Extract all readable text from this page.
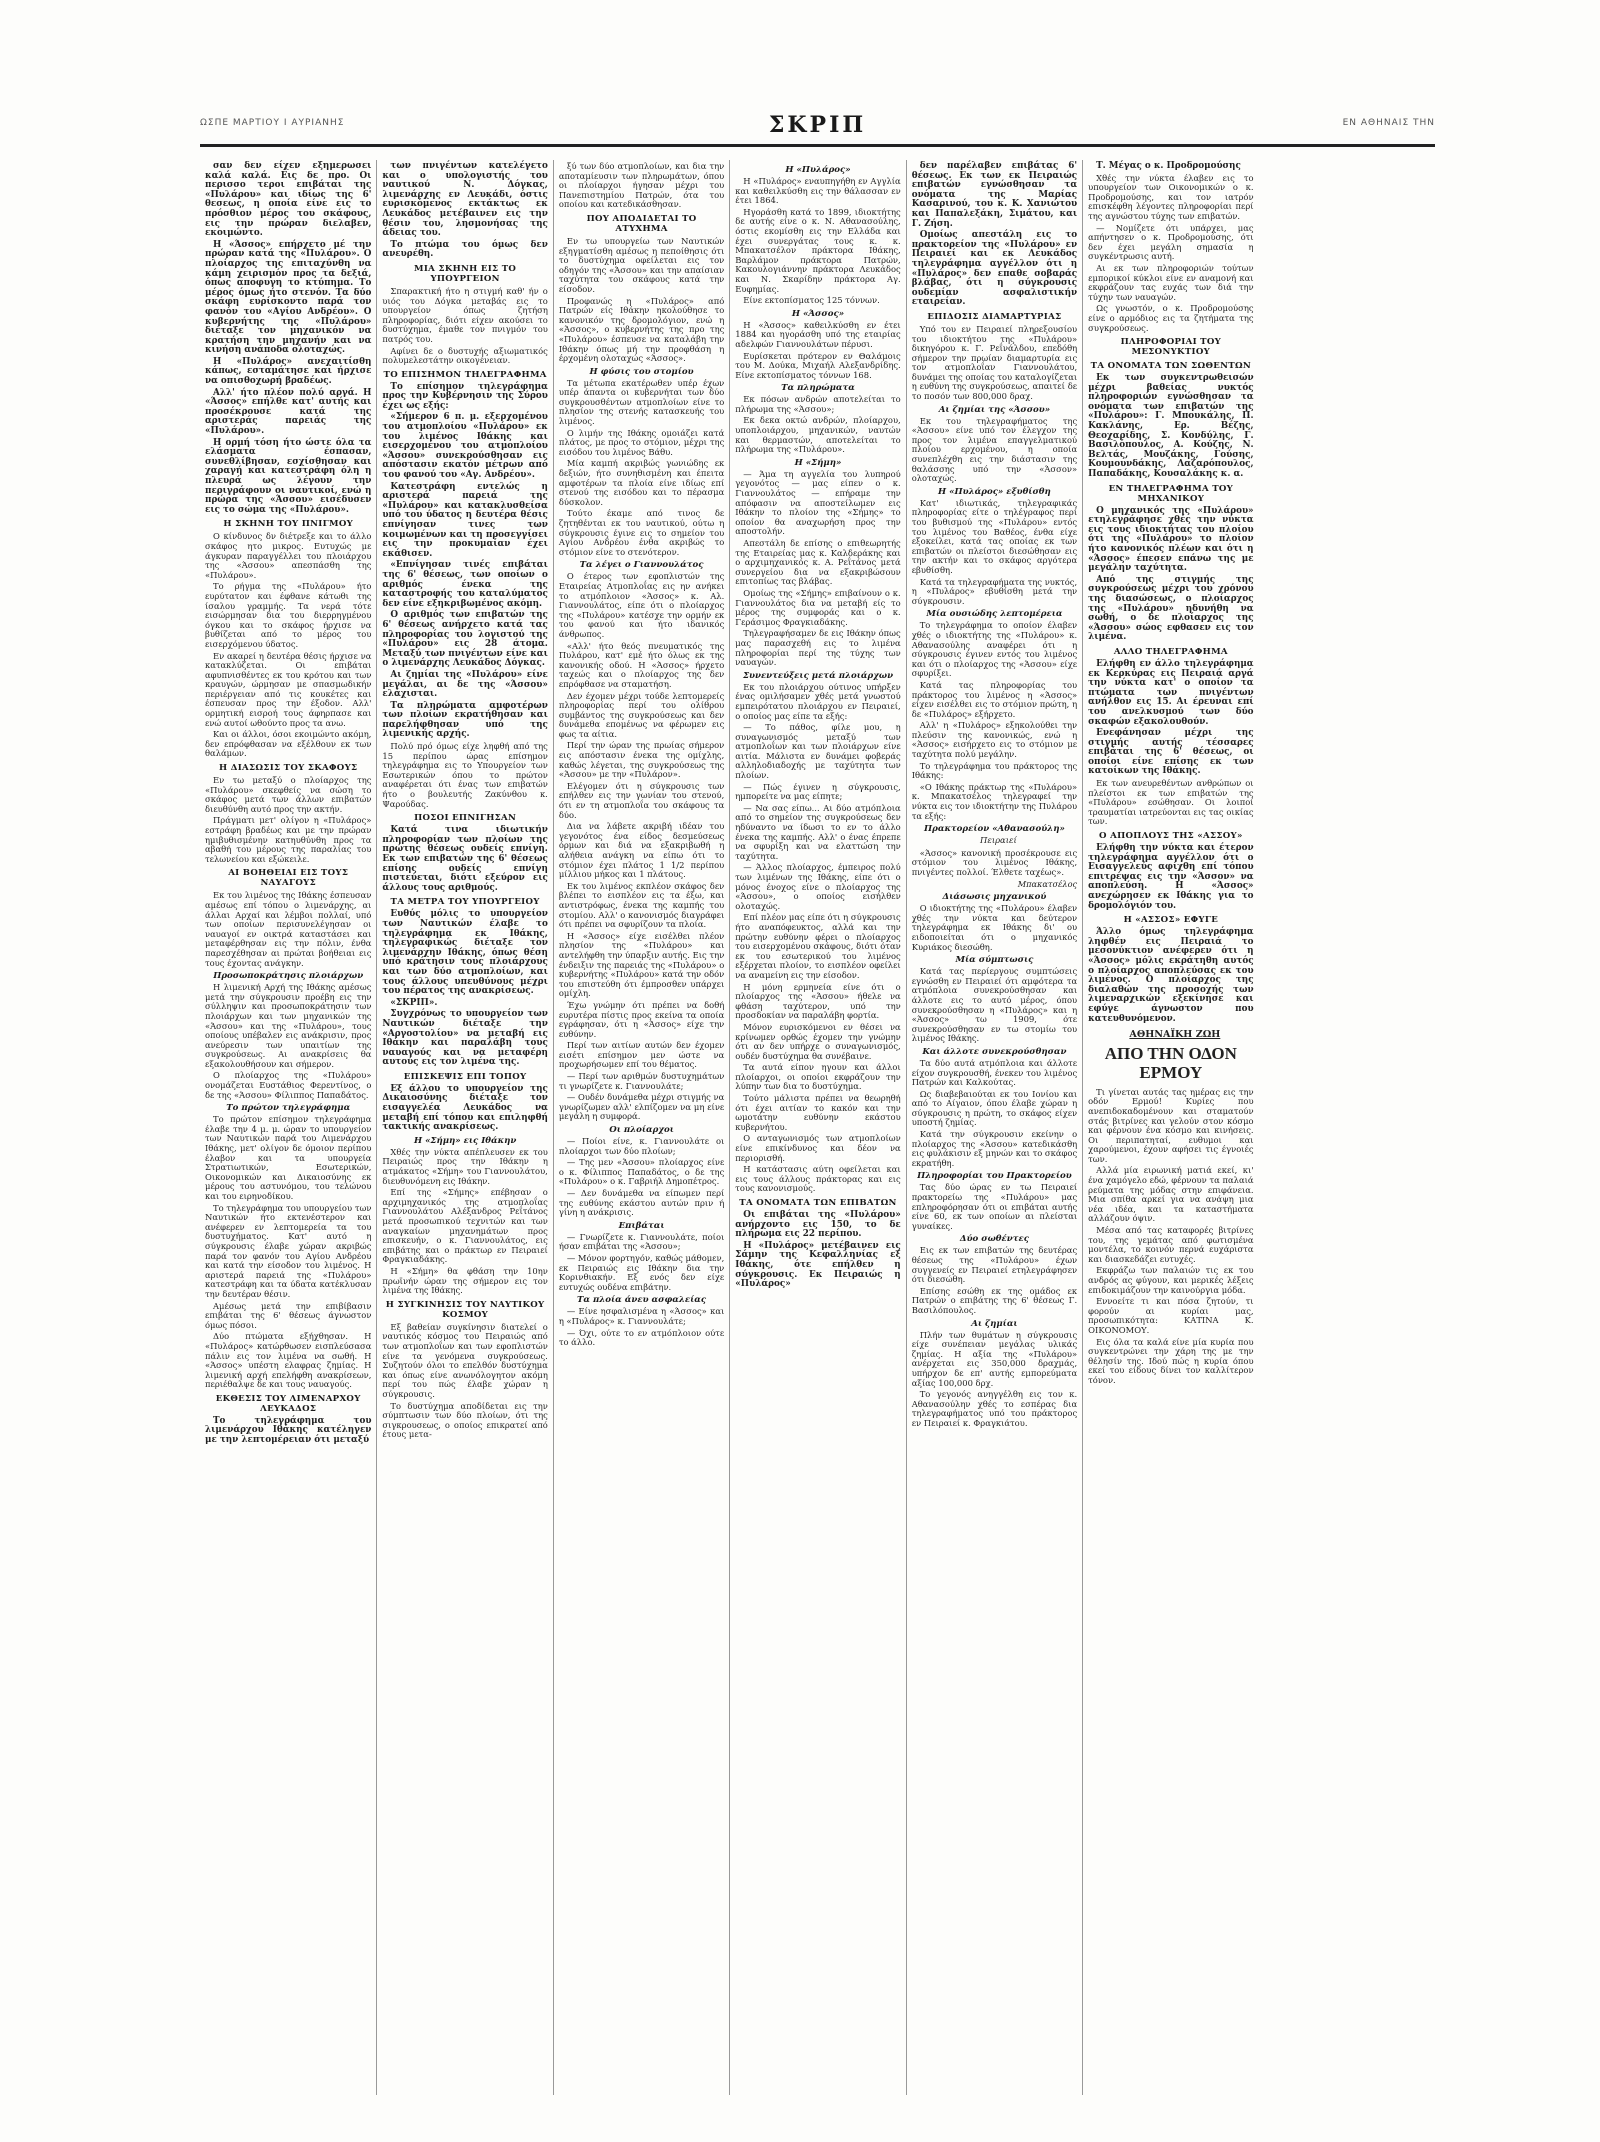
ΩΣΠΕ ΜΑΡΤΙΟΥ Ι ΑΥΡΙΑΝΗΣ	ΣΚΡΙΠ	ΕΝ ΑΘΗΝΑΙΣ ΤΗΝ

σαν δεν είχεν εξημερωσει καλά καλά. Εις δε προ. Οι περισσο τεροι επιβάται της «Πυλάρου» και ιδίως της 6' θεσεως, η οποία είνε εις το πρόσθιον μέρος του σκάφους, εις την πρώραν διελαβεν, εκοιμώντο.

Η «Άσσος» επήρχετο μέ την πρώραν κατά της «Πυλάρου». Ο πλοίαρχος της επιταχύνθη να κάμη χειρισμόν προς τα δεξιά, όπως αποφυγη το κτύπημα. Το μέρος όμως ήτο στενόν. Τα δύο σκάφη ευρίσκοντο παρά τον φανόν του «Αγίου Ανδρέου». Ο κυβερνήτης της «Πυλάρου» διέταξε τον μηχανικόν να κρατήση την μηχανήν και να κινήση ανάποδα ολοταχώς.

Η «Πυλάρος» ανεχαιτίσθη κάπως, εσταμάτησε και ήρχισε να οπισθοχωρή βραδέως.

Αλλ' ήτο πλέον πολύ αργά. Η «Άσσος» επήλθε κατ' αυτής και προσέκρουσε κατά της αριστεράς παρειάς της «Πυλάρου».

Η ορμή τόση ήτο ώστε όλα τα ελάσματα έσπασαν, συνεθλίβησαν, εσχίσθησαν και χαραγή και κατεστράφη όλη η πλευρά ως λέγουν την περιγράφουν οι ναυτικοί, ενώ η πρώρα της «Άσσου» εισέδυσεν εις το σώμα της «Πυλάρου».

Η ΣΚΗΝΗ ΤΟΥ ΠΝΙΓΜΟΥ

Ο κίνδυνος δν διέτρεξε και το άλλο σκάφος ητο μικρος. Ευτυχώς με άγκυραν παραγγέλλει του πλοιάρχου της «Άσσου» απεσπάσθη της «Πυλάρου».

Το ρήγμα της «Πυλάρου» ήτο ευρύτατον και έφθανε κάτωθι της ίσαλου γραμμής. Τα νερά τότε εισώρμησαν δια του διερρηγμένου όγκου και το σκάφος ήρχισε να βυθίζεται από το μέρος του εισερχόμενου ύδατος.

Εν ακαρεί η δευτέρα θέσις ήρχισε να κατακλύζεται. Οι επιβάται αφυπνισθέντες εκ του κρότου και των κραυγών, ώρμησαν με σπασμωδικήν περιέργειαν από τις κουκέτες και έσπευσαν προς την έξοδον. Αλλ' ορμητική εισροή τους άφηρπασε και ενώ αυτοί ωθούντο προς τα ανω.

Και οι άλλοι, όσοι εκοιμώντο ακόμη, δεν επρόφθασαν να εξέλθουν εκ των θαλάμων.

Η ΔΙΑΣΩΣΙΣ ΤΟΥ ΣΚΑΦΟΥΣ

Εν τω μεταξύ ο πλοίαρχος της «Πυλάρου» σκεφθείς να σώση το σκάφος μετά των άλλων επιβατών διευθύνθη αυτό προς την ακτήν.

Πράγματι μετ' ολίγον η «Πυλάρος» εστράφη βραδέως και με την πρώραν ημιβυθισμένην κατηυθύνθη προς τα αβαθή του μέρους της παραλίας του τελωνείου και εξώκειλε.

ΑΙ ΒΟΗΘΕΙΑΙ ΕΙΣ ΤΟΥΣ ΝΑΥΑΓΟΥΣ

Εκ του λιμένος της Ιθάκης έσπευσαν αμέσως επί τόπου ο λιμενάρχης, αι άλλαι Αρχαί και λέμβοι πολλαί, υπό των οποίων περισυνελέγησαν οι ναυαγοί εν οικτρά καταστάσει και μεταφέρθησαν εις την πόλιν, ένθα παρεσχέθησαν αι πρώται βοήθειαι εις τους έχοντας ανάγκην.

Προσωποκράτησις πλοιάρχων

Η λιμενική Αρχή της Ιθάκης αμέσως μετά την σύγκρουσιν προέβη εις την σύλληψιν και προσωποκράτησιν των πλοιάρχων και των μηχανικών της «Άσσου» και της «Πυλάρου», τους οποίους υπέβαλεν εις ανάκρισιν, προς ανεύρεσιν των υπαιτίων της συγκρούσεως. Αι ανακρίσεις θα εξακολουθήσουν και σήμερον.

Ο πλοίαρχος της «Πυλάρου» ονομάζεται Ευστάθιος Φερεντίνος, ο δε της «Άσσου» Φίλιππος Παπαδάτος.

Το πρώτον τηλεγράφημα

Το πρώτον επίσημον τηλεγράφημα έλαβε την 4 μ. μ. ώραν το υπουργείον των Ναυτικών παρά του Λιμενάρχου Ιθάκης, μετ' ολίγον δε όμοιον περίπου έλαβον και τα υπουργεία Στρατιωτικών, Εσωτερικών, Οικονομικών και Δικαιοσύνης εκ μέρους του αστυνόμου, του τελώνου και του ειρηνοδίκου.

Το τηλεγράφημα του υπουργείου των Ναυτικών ήτο εκτενέστερον και ανέφερεν εν λεπτομερεία τα του δυστυχήματος. Κατ' αυτό η σύγκρουσις έλαβε χώραν ακριβώς παρά τον φανόν του Αγίου Ανδρέου και κατά την είσοδον του λιμένος. Η αριστερά παρειά της «Πυλάρου» κατεστράφη και τα ύδατα κατέκλυσαν την δευτέραν θέσιν.

Αμέσως μετά την επιβίβασιν επιβάται της 6' θέσεως άγνωστον όμως πόσοι.

Δύο πτώματα εξήχθησαν. Η «Πυλάρος» κατώρθωσεν εισπλεύσασα πάλιν εις τον λιμένα να σωθή. Η «Άσσος» υπέστη ελαφρας ζημίας. Η λιμενική αρχή επελήφθη ανακρίσεων, περιέθαλψε δε και τους ναυαγούς.

ΕΚΘΕΣΙΣ ΤΟΥ ΛΙΜΕΝΑΡΧΟΥ ΛΕΥΚΑΔΟΣ

Το τηλεγράφημα του λιμενάρχου Ιθάκης κατέληγεν με την λεπτομέρειαν ότι μεταξύ

των πνιγέντων κατελέγετο και ο υπολογιστής του ναυτικού Ν. Δόγκας, λιμενάρχης εν Λευκάδι, όστις ευρισκόμενος εκτάκτως εκ Λευκάδος μετέβαινεν εις την θέσιν του, λησμονήσας της άδειας του.

Το πτώμα του όμως δεν ανευρέθη.

ΜΙΑ ΣΚΗΝΗ ΕΙΣ ΤΟ ΥΠΟΥΡΓΕΙΟΝ

Σπαρακτική ήτο η στιγμή καθ' ήν ο υιός του Δόγκα μεταβάς εις το υπουργείον όπως ζητήση πληροφορίας, διότι είχεν ακούσει το δυστύχημα, έμαθε τον πνιγμόν του πατρός του.

Αφίνει δε ο δυστυχής αξιωματικός πολυμελεστάτην οικογένειαν.

ΤΟ ΕΠΙΣΗΜΟΝ ΤΗΛΕΓΡΑΦΗΜΑ

Το επίσημον τηλεγράφημα προς την Κυβέρνησιν της Σύρου έχει ως εξής:

«Σήμερον 6 π. μ. εξερχομένου του ατμοπλοίου «Πυλάρου» εκ του λιμένος Ιθάκης και εισερχομένου του ατμοπλοίου «Άσσου» συνεκρούσθησαν εις απόστασιν εκατόν μέτρων από του φανού του «Αγ. Ανδρέου».

Κατεστράφη εντελώς η αριστερά παρειά της «Πυλάρου» και κατακλυσθείσα υπό του ύδατος η δευτέρα θέσις επνίγησαν τινες των κοιμωμένων και τη προσεγγίσει εις την προκυμαίαν έχει εκάθισεν.

«Επνίγησαν τινές επιβάται της 6' θέσεως, των οποίων ο αριθμός ένεκα της καταστροφής του καταλύματος δεν είνε εξηκριβωμένος ακόμη.

Ο αριθμός των επιβατών της 6' θέσεως ανήρχετο κατά τας πληροφορίας του λογιστού της «Πυλάρου» εις 28 άτομα. Μεταξύ των πνιγέντων είνε και ο λιμενάρχης Λευκάδος Δόγκας.

Αι ζημίαι της «Πυλάρου» είνε μεγάλαι, αι δε της «Άσσου» ελάχισται.

Τα πληρώματα αμφοτέρων των πλοίων εκρατήθησαν και παρελήφθησαν υπό της λιμενικής αρχής.

Πολύ πρό όμως είχε ληφθή από της 15 περίπου ώρας επίσημον τηλεγράφημα εις το Υπουργείον των Εσωτερικών όπου το πρώτον αναφέρεται ότι ένας των επιβατών ήτο ο βουλευτής Ζακύνθου κ. Ψαρούδας.

ΠΟΣΟΙ ΕΠΝΙΓΗΣΑΝ

Κατά τινα ιδιωτικήν πληροφορίαν των πλοίων της πρώτης θέσεως ουδείς επνίγη. Εκ των επιβατών της 6' θέσεως επίσης ουδείς επνίγη πιστεύεται, διότι εξεύρον εις άλλους τους αριθμούς.

ΤΑ ΜΕΤΡΑ ΤΟΥ ΥΠΟΥΡΓΕΙΟΥ

Ευθύς μόλις το υπουργείον των Ναυτικών έλαβε το τηλεγράφημα εκ Ιθάκης, τηλεγραφικώς διέταξε τον λιμενάρχην Ιθάκης, όπως θέση υπό κράτησιν τους πλοιάρχους και των δύο ατμοπλοίων, και τους άλλους υπευθύνους μέχρι του πέρατος της ανακρίσεως.

«ΣΚΡΙΠ».

Συγχρόνως το υπουργείον των Ναυτικών διέταξε την «Αργοστολίου» να μεταβή εις Ιθάκην και παραλάβη τους ναυαγούς και να μεταφέρη αυτούς εις τον λιμένα της.

ΕΠΙΣΚΕΨΙΣ ΕΠΙ ΤΟΠΟΥ

Εξ άλλου το υπουργείον της Δικαιοσύνης διέταξε τον εισαγγελέα Λευκάδος να μεταβή επί τόπου και επιληφθή τακτικής ανακρίσεως.

Η «Σήμη» εις Ιθάκην

Χθές την νύκτα απέπλευσεν εκ του Πειραιώς προς την Ιθάκην η ατμάκατος «Σήμη» του Γιαννουλάτου, διευθυνόμενη εις Ιθάκην.

Επί της «Σήμης» επέβησαν ο αρχιμηχανικός της ατμοπλοΐας Γιαννουλάτου Αλέξανδρος Ρεΐτάνος μετά προσωπικού τεχνιτών και των αναγκαίων μηχανημάτων προς επισκευήν, ο κ. Γιαννουλάτος, εις επιβάτης και ο πράκτωρ εν Πειραιεί Φραγκιαδάκης.

Η «Σήμη» θα φθάση την 10ην πρωϊνήν ώραν της σήμερον εις τον λιμένα της Ιθάκης.

Η ΣΥΓΚΙΝΗΣΙΣ ΤΟΥ ΝΑΥΤΙΚΟΥ ΚΟΣΜΟΥ

Εξ βαθείαν συγκίνησιν διατελεί ο ναυτικός κόσμος του Πειραιώς από των ατμοπλοΐων και των εφοπλιστών είνε τα γενόμενα συγκρούσεως. Συζητούν όλοι το επελθόν δυστύχημα και όπως είνε ανωνόλογητον ακόμη περί του πώς έλαβε χώραν η σύγκρουσις.

Το δυστύχημα αποδίδεται εις την σύμπτωσιν των δύο πλοίων, ότι της σιγκρουσεως, ο οποίος επικρατεί από έτους μετα-

ξύ των δύο ατμοπλοίων, και δια την αποταμίευσιν των πληρωμάτων, όπου οι πλοίαρχοι ήγησαν μέχρι του Πανεπιστημίου Πατρών, ότα του οποίου και κατεδικάσθησαν.

ΠΟΥ ΑΠΟΔΙΔΕΤΑΙ ΤΟ ΑΤΥΧΗΜΑ

Εν τω υπουργείω των Ναυτικών εξηγματίσθη αμέσως η πεποίθησις ότι το δυστύχημα οφείλεται εις τον οδηγόν της «Άσσου» και την απαίσιαν ταχύτητα του σκάφους κατά την είσοδον.

Προφανώς η «Πυλάρος» από Πατρών είς Ιθάκην ηκολούθησε το κανονικόν της δρομολόγιον, ενώ η «Άσσος», ο κυβερνήτης της προ της «Πυλάρου» έσπευσε να καταλάβη την Ιθάκην όπως μή την προφθάση η έρχομένη ολοταχώς «Άσσος».

Η φύσις του στομίου

Τα μέτωπα εκατέρωθεν υπέρ έχων υπέρ άπαντα οι κυβερνήται των δύο συγκρουσθέντων ατμοπλοίων είνε το πλησίον της στενής κατασκευής του λιμένος.

Ο λιμήν της Ιθάκης ομοιάζει κατά πλάτος, με προς το στόμιον, μέχρι της εισόδου του λιμένος Βάθυ.

Μία καμπή ακριβώς γωνιώδης εκ δεξιών, ήτο συνηθισμένη και έπειτα αμφοτέρων τα πλοία είνε ιδίως επί στενού της εισόδου και το πέρασμα δύσκολον.

Τούτο έκαμε από τινος δε ζητηθένται εκ του ναυτικού, ούτω η σύγκρουσις έγινε εις το σημείον του Αγίου Ανδρέου ένθα ακριβώς το στόμιον είνε το στενότερον.

Τα λέγει ο Γιαννουλάτος

Ο έτερος των εφοπλιστών της Εταιρείας Ατμοπλοΐας εις ην ανήκει το ατμόπλοιον «Άσσος» κ. Αλ. Γιαννουλάτος, είπε ότι ο πλοίαρχος της «Πυλάρου» κατέσχε την ορμήν εκ του φανού και ήτο ιδανικός άνθρωπος.

«Αλλ' ήτο θεός πνευματικός της Πυλάρου, κατ' εμέ ήτο όλως εκ της κανονικής οδού. Η «Άσσος» ήρχετο ταχεώς και ο πλοίαρχος της δεν επρόφθασε να σταματήση.

Δεν έχομεν μέχρι τούδε λεπτομερείς πληροφορίας περί του ολίθρου συμβάντος της συγκρούσεως και δεν δυνάμεθα επομένως να φέρωμεν εις φως τα αίτια.

Περί την ώραν της πρωίας σήμερον εις απόστασιν ένεκα της ομίχλης, καθώς λέγεται, της συγκρούσεως της «Άσσου» με την «Πυλάρον».

Ελέγομεν ότι η σύγκρουσις των επήλθεν εις την γωνίαν του στενού, ότι εν τη ατμοπλοΐα του σκάφους τα δύο.

Δια να λάβετε ακριβή ιδέαν του γεγονότος ένα είδος δεσμεύσεως όρμων και διά να εξακριβωθή η αλήθεια ανάγκη να είπω ότι το στόμιον έχει πλάτος 1 1/2 περίπου μίλλιου μήκος και 1 πλάτους.

Εκ του λιμένος εκπλέον σκάφος δεν βλέπει το εισπλέον εις τα έξω, και αντιστρόφως, ένεκα της καμπής του στομίου. Αλλ' ο κανονισμός διαγράφει ότι πρέπει να σφυρίζουν τα πλοία.

Η «Άσσος» είχε εισέλθει πλέον πλησίον της «Πυλάρου» και αντελήφθη την ύπαρξιν αυτής. Εις την ένδειξιν της παρειάς της «Πυλάρου» ο κυβερνήτης «Πυλάρου» κατά την οδόν του επιστεύθη ότι έμπροσθεν υπάρχει ομίχλη.

Έχω γνώμην ότι πρέπει να δοθή ευρυτέρα πίστις προς εκείνα τα οποία εγράφησαν, ότι η «Άσσος» είχε την ευθύνην.

Περί των αιτίων αυτών δεν έχομεν εισέτι επίσημον μεν ώστε να προχωρήσωμεν επί του θέματος.

— Περί των αριθμών δυστυχημάτων τι γνωρίζετε κ. Γιαννουλάτε;

— Ουδέν δυνάμεθα μέχρι στιγμής να γνωρίζωμεν αλλ' ελπίζομεν να μη είνε μεγάλη η συμφορά.

Οι πλοίαρχοι

— Ποίοι είνε, κ. Γιαννουλάτε οι πλοίαρχοι των δύο πλοίων;

— Της μεν «Άσσου» πλοίαρχος είνε ο κ. Φίλιππος Παπαδάτος, ο δε της «Πυλάρου» ο κ. Γαβριήλ Δημοπέτρος.

— Δεν δυνάμεθα να είπωμεν περί της ευθύνης εκάστου αυτών πριν ή γίνη η ανάκρισις.

Επιβάται

— Γνωρίζετε κ. Γιαννουλάτε, ποίοι ήσαν επιβάται της «Άσσου»;

— Μόνον φορτηγόν, καθώς μάθομεν, εκ Πειραιώς εις Ιθάκην δια την Κορινθιακήν. Εξ ενός δεν είχε ευτυχώς ουδένα επιβάτην.

Τα πλοία άνευ ασφαλείας

— Είνε ησφαλισμένα η «Άσσος» και η «Πυλάρος» κ. Γιαννουλάτε;

— Όχι, ούτε το εν ατμόπλοιον ούτε το άλλο.

Η «Πυλάρος»

Η «Πυλάρος» εναυπηγήθη εν Αγγλία και καθειλκύσθη εις την θάλασσαν εν έτει 1864.

Ηγοράσθη κατά το 1899, ιδιοκτήτης δε αυτής είνε ο κ. Ν. Αθανασούλης, όστις εκομίσθη εις την Ελλάδα και έχει συνεργάτας τους κ. κ. Μπακατσέλον πράκτορα Ιθάκης, Βαρλάμον πράκτορα Πατρών, Κακουλογιάννην πράκτορα Λευκάδος και Ν. Σκαρίδην πράκτορα Αγ. Ευφημίας.

Είνε εκτοπίσματος 125 τόννων.

Η «Άσσος»

Η «Άσσος» καθειλκύσθη εν έτει 1884 και ηγοράσθη υπό της εταιρίας αδελφών Γιαννουλάτων πέρυσι.

Ευρίσκεται πρότερον εν Θαλάμοις του Μ. Δούκα, Μιχαήλ Αλεξανδρίδης. Είνε εκτοπίσματος τόννων 168.

Τα πληρώματα

Εκ πόσων ανδρών αποτελείται το πλήρωμα της «Άσσου»;

Εκ δεκα οκτώ ανδρών, πλοίαρχου, υποπλοιάρχου, μηχανικών, ναυτών και θερμαστών, αποτελείται το πλήρωμα της «Πυλάρου».

Η «Σήμη»

— Άμα τη αγγελία του λυπηρού γεγονότος — μας είπεν ο κ. Γιαννουλάτος — επήραμε την απόφασιν να αποστείλωμεν εις Ιθάκην το πλοίον της «Σήμης» το οποίον θα αναχωρήση προς την αποστολήν.

Απεστάλη δε επίσης ο επιθεωρητής της Εταιρείας μας κ. Καλδεράκης και ο αρχιμηχανικός κ. Α. Ρεΐτάνος μετά συνεργείου δια να εξακριβώσουν επιτοπίως τας βλάβας.

Ομοίως της «Σήμης» επιβαίνουν ο κ. Γιαννουλάτος δια να μεταβή είς το μέρος της συμφοράς και ο κ. Γεράσιμος Φραγκιαδάκης.

Τηλεγραφήσαμεν δε εις Ιθάκην όπως μας παρασχεθή εις το λιμένα πληροφορίαι περί της τύχης των ναυαγών.

Συνεντεύξεις μετά πλοιάρχων

Εκ του πλοιάρχου ούτινος υπήρξεν ένας ομιλήσαμεν χθές μετά γνωστού εμπειρότατου πλοιάρχου εν Πειραιεί, ο οποίος μας είπε τα εξής:

— Το πάθος, φίλε μου, η συναγωνισμός μεταξύ των ατμοπλοΐων και των πλοιάρχων είνε αιτία. Μάλιστα εν δυνάμει φοβεράς αλληλοδιαδοχής με ταχύτητα των πλοίων.

— Πώς έγινεν η σύγκρουσις, ημπορείτε να μας είπητε;

— Να σας είπω... Αι δύο ατμόπλοια από το σημείον της συγκρούσεως δεν ηδύναντο να ίδωσι το εν το άλλο ένεκα της καμπής. Αλλ' ο ένας έπρεπε να σφυρίξη και να ελαττώση την ταχύτητα.

— Άλλος πλοίαρχος, έμπειρος πολύ των λιμένων της Ιθάκης, είπε ότι ο μόνος ένοχος είνε ο πλοίαρχος της «Άσσου», ο οποίος εισήλθεν ολοταχώς.

Επί πλέον μας είπε ότι η σύγκρουσις ήτο αναπόφευκτος, αλλά και την πρώτην ευθύνην φέρει ο πλοίαρχος του εισερχομένου σκάφους, διότι όταν εκ του εσωτερικού του λιμένος εξέρχεται πλοίον, το εισπλέον οφείλει να αναμείνη εις την είσοδον.

Η μόνη ερμηνεία είνε ότι ο πλοίαρχος της «Άσσου» ήθελε να φθάση ταχύτερον, υπό την προσδοκίαν να παραλάβη φορτία.

Μόνον ευρισκόμενοι εν θέσει να κρίνωμεν ορθώς έχομεν την γνώμην ότι αν δεν υπήρχε ο συναγωνισμός, ουδέν δυστύχημα θα συνέβαινε.

Τα αυτά είπον ηγουν και άλλοι πλοίαρχοι, οι οποίοι εκφράζουν την λύπην των δια το δυστύχημα.

Τούτο μάλιστα πρέπει να θεωρηθή ότι έχει αιτίαν το κακόν και την ωμοτάτην ευθύνην εκάστου κυβερνήτου.

Ο ανταγωνισμός των ατμοπλοίων είνε επικίνδυνος και δέον να περιορισθή.

Η κατάστασις αύτη οφείλεται και εις τους άλλους πράκτορας και εις τους κανονισμούς.

ΤΑ ΟΝΟΜΑΤΑ ΤΩΝ ΕΠΙΒΑΤΩΝ

Οι επιβάται της «Πυλάρου» ανήρχοντο εις 150, το δε πλήρωμα εις 22 περίπου.

Η «Πυλάρος» μετέβαινεν εις Σάμην της Κεφαλληνίας εξ Ιθάκης, ότε επήλθεν η σύγκρουσις. Εκ Πειραιώς η «Πυλάρος»

δεν παρέλαβεν επιβάτας 6' θέσεως. Εκ των εκ Πειραιώς επιβατών εγνώσθησαν τα ονόματα της Μαρίας Κασαρινού, του κ. Κ. Χανιώτου και Παπαλεξάκη, Σιμάτου, και Γ. Ζήση.

Ομοίως απεστάλη εις το πρακτορείον της «Πυλάρου» εν Πειραιεί και εκ Λευκάδος τηλεγράφημα αγγέλλον ότι η «Πυλάρος» δεν επαθε σοβαράς βλάβας, ότι η σύγκρουσις ουδεμίαν ασφαλιστικήν εταιρείαν.

ΕΠΙΔΟΣΙΣ ΔΙΑΜΑΡΤΥΡΙΑΣ

Υπό του εν Πειραιεί πληρεξουσίου του ιδιοκτήτου της «Πυλάρου» δικηγόρου κ. Γ. Ρεΐνάλδου, επεδόθη σήμερον την πρωίαν διαμαρτυρία εις τον ατμοπλοΐαν Γιαννουλάτου, δυνάμει της οποίας του καταλογίζεται η ευθύνη της συγκρούσεως, απαιτεί δε το ποσόν των 800,000 δραχ.

Αι ζημίαι της «Άσσου»

Εκ του τηλεγραφήματος της «Άσσου» είνε υπό τον έλεγχον της προς τον λιμένα επαγγελματικού πλοίου ερχομένου, η οποία συνεπλέχθη εις την διάστασιν της θαλάσσης υπό την «Άσσον» ολοταχώς.

Η «Πυλάρος» εξυθίσθη

Κατ' ιδιωτικάς, τηλεγραφικάς πληροφορίας είτε ο τηλέγραφος περί του βυθισμού της «Πυλάρου» εντός του λιμένος του Βαθέος, ένθα είχε εξοκείλει, κατά τας οποίας εκ των επιβατών οι πλείστοι διεσώθησαν εις την ακτήν και το σκάφος αργότερα εβυθίσθη.

Κατά τα τηλεγραφήματα της νυκτός, η «Πυλάρος» εβυθίσθη μετά την σύγκρουσιν.

Μία ουσιώδης λεπτομέρεια

Το τηλεγράφημα το οποίον έλαβεν χθές ο ιδιοκτήτης της «Πυλάρου» κ. Αθανασούλης αναφέρει ότι η σύγκρουσις έγινεν εντός του λιμένος και ότι ο πλοίαρχος της «Άσσου» είχε σφυρίξει.

Κατά τας πληροφορίας του πράκτορος του λιμένος η «Άσσος» είχεν εισέλθει εις το στόμιον πρώτη, η δε «Πυλάρος» εξήρχετο.

Αλλ' η «Πυλάρος» εξηκολούθει την πλεύσιν της κανονικώς, ενώ η «Άσσος» εισήρχετο εις το στόμιον με ταχύτητα πολύ μεγάλην.

Το τηλεγράφημα του πράκτορος της Ιθάκης:

«Ο Ιθάκης πράκτωρ της «Πυλάρου» κ. Μπακατσέλος τηλεγραφεί την νύκτα εις τον ιδιοκτήτην της Πυλάρου τα εξής:

Πρακτορείον «Αθανασούλη»

Πειραιεί

«Άσσος» κανονική προσέκρουσε εις στόμιον του λιμένος Ιθάκης, πνιγέντες πολλοί. Έλθετε ταχέως».

Μπακατσέλος

Διάσωσις μηχανικού

Ο ιδιοκτήτης της «Πυλάρου» έλαβεν χθές την νύκτα και δεύτερον τηλεγράφημα εκ Ιθάκης δι' ου ειδοποιείται ότι ο μηχανικός Κυριάκος διεσώθη.

Μία σύμπτωσις

Κατά τας περίεργους συμπτώσεις εγνώσθη εν Πειραιεί ότι αμφότερα τα ατμόπλοια συνεκρούσθησαν και άλλοτε εις το αυτό μέρος, όπου συνεκρούσθησαν η «Πυλάρος» και η «Άσσος» τω 1909, ότε συνεκρούσθησαν εν τω στομίω του λιμένος Ιθάκης.

Και άλλοτε συνεκρούσθησαν

Τα δύο αυτά ατμόπλοια και άλλοτε είχον συγκρουσθή, ένεκεν του λιμένος Πατρών και Καλκούτας.

Ως διαβεβαιούται εκ του Ιονίου και από το Αίγαιον, όπου έλαβε χώραν η σύγκρουσις η πρώτη, το σκάφος είχεν υποστή ζημίας.

Κατά την σύγκρουσιν εκείνην ο πλοίαρχος της «Άσσου» κατεδικάσθη εις φυλάκισιν εξ μηνών και το σκάφος εκρατήθη.

Πληροφορίαι του Πρακτορείου

Τας δύο ώρας εν τω Πειραιεί πρακτορείω της «Πυλάρου» μας επληροφόρησαν ότι οι επιβάται αυτής είνε 60, εκ των οποίων αι πλείσται γυναίκες.

Δύο σωθέντες

Εις εκ των επιβατών της δευτέρας θέσεως της «Πυλάρου» έχων συγγενείς εν Πειραιεί ετηλεγράφησεν ότι διεσώθη.

Επίσης εσώθη εκ της ομάδος εκ Πατρών ο επιβάτης της 6' θέσεως Γ. Βασιλόπουλος.

Αι ζημίαι

Πλήν των θυμάτων η σύγκρουσις είχε συνέπειαν μεγάλας υλικάς ζημίας. Η αξία της «Πυλάρου» ανέρχεται εις 350,000 δραχμάς, υπήρχον δε επ' αυτής εμπορεύματα αξίας 100,000 δρχ.

Το γεγονός ανηγγέλθη εις τον κ. Αθανασούλην χθές το εσπέρας δια τηλεγραφήματος υπό του πράκτορος εν Πειραιεί κ. Φραγκιάτου.

Τ. Μέγας ο κ. Προδρομούσης

Χθές την νύκτα έλαβεν εις το υπουργείον των Οικονομικών ο κ. Προδρομούσης, και τον ιατρόν επισκέφθη λέγοντες πληροφορίαι περί της αγνώστου τύχης των επιβατών.

— Νομίζετε ότι υπάρχει, μας απήντησεν ο κ. Προδρομούσης, ότι δεν έχει μεγάλη σημασία η συγκέντρωσις αυτή.

Αι εκ των πληροφοριών τούτων εμπορικοί κύκλοι είνε εν αναμονή και εκφράζουν τας ευχάς των διά την τύχην των ναυαγών.

Ως γνωστόν, ο κ. Προδρομούσης είνε ο αρμόδιος εις τα ζητήματα της συγκρούσεως.

ΠΛΗΡΟΦΟΡΙΑΙ ΤΟΥ ΜΕΣΟΝΥΚΤΙΟΥ
ΤΑ ΟΝΟΜΑΤΑ ΤΩΝ ΣΩΘΕΝΤΩΝ

Εκ των συγκεντρωθεισών μέχρι βαθείας νυκτός πληροφοριών εγνώσθησαν τα ονόματα των επιβατών της «Πυλάρου»: Γ. Μπουκάλης, Π. Κακλάνης, Ερ. Βέζης, Θεοχαρίδης, Σ. Κονδύλης, Γ. Βασιλόπουλος, Α. Κούζης, Ν. Βελτάς, Μουζάκης, Γούσης, Κουμουνδάκης, Λαζαρόπουλος, Παπαδάκης, Κουσαλάκης κ. α.

ΕΝ ΤΗΛΕΓΡΑΦΗΜΑ ΤΟΥ ΜΗΧΑΝΙΚΟΥ

Ο μηχανικός της «Πυλάρου» ετηλεγράφησε χθές την νύκτα εις τους ιδιοκτήτας του πλοίου ότι της «Πυλάρου» το πλοίον ήτο κανονικός πλέων και ότι η «Άσσος» έπεσεν επάνω της με μεγάλην ταχύτητα.

Από της στιγμής της συγκρούσεως μέχρι του χρόνου της διασώσεως, ο πλοίαρχος της «Πυλάρου» ηδυνήθη να σωθή, ο δε πλοίαρχος της «Άσσου» σώος εφθασεν εις τον λιμένα.

ΑΛΛΟ ΤΗΛΕΓΡΑΦΗΜΑ

Ελήφθη εν άλλο τηλεγράφημα εκ Κερκύρας εις Πειραιά αργά την νύκτα κατ' ο οποίον τα πτώματα των πνιγέντων ανήλθον εις 15. Αι έρευναι επί του ανελκυσμού των δύο σκαφών εξακολουθούν.

Ενεφάνησαν μέχρι της στιγμής αυτής τέσσαρες επιβάται της 6' θέσεως, οι οποίοι είνε επίσης εκ των κατοίκων της Ιθάκης.

Εκ των ανευρεθέντων ανθρώπων οι πλείστοι εκ των επιβατών της «Πυλάρου» εσώθησαν. Οι λοιποί τραυματίαι ιατρεύονται εις τας οικίας των.

Ο ΑΠΟΠΛΟΥΣ ΤΗΣ «ΑΣΣΟΥ»

Ελήφθη την νύκτα και έτερον τηλεγράφημα αγγέλλον ότι ο Εισαγγελεύς αφίχθη επί τόπου επιτρέψας εις την «Άσσον» να αποπλεύση. Η «Άσσος» ανεχώρησεν εκ Ιθάκης για το δρομολόγιόν του.

Η «ΑΣΣΟΣ» ΕΦΥΓΕ

Άλλο όμως τηλεγράφημα ληφθέν εις Πειραιά το μεσονύκτιον ανέφερεν ότι η «Άσσος» μόλις εκράτηθη αυτός ο πλοίαρχος αποπλεύσας εκ του λιμένος. Ο πλοίαρχος της διαλαθών της προσοχής των λιμεναρχικών εξεκίνησε και εφύγε άγνωστον που κατευθυνόμενον.

ΑΘΗΝΑΪΚΗ ΖΩΗ

ΑΠΟ ΤΗΝ ΟΔΟΝ ΕΡΜΟΥ

Τι γίνεται αυτάς τας ημέρας εις την οδόν Ερμού! Κυρίες που ανεπιδοκαδομένουν και σταματούν στάς βιτρίνες και γελούν στον κόσμο και φέρνουν ένα κόσμο και κινήσεις. Οι περιπατηταί, ευθυμοι και χαρούμενοι, έχουν αφήσει τις έγνοιές των.

Αλλά μία ειρωνική ματιά εκεί, κι' ένα χαμόγελο εδώ, φέρνουν τα παλαιά ρεύματα της μόδας στην επιφάνεια. Μια σπίθα αρκεί για να ανάψη μια νέα ιδέα, και τα καταστήματα αλλάζουν όψιν.

Μέσα από τας καταφορές βιτρίνες του, της γεμάτας από φωτισμένα μοντέλα, το κοινόν περνά ευχάριστα και διασκεδάζει ευτυχές.

Εκφράζω των παλαιών τις εκ του ανδρός ας φύγουν, και μερικές λέξεις επιδοκιμάζουν την καινούργια μόδα.

Εννοείτε τι και πόσα ζητούν, τι φορούν αι κυρίαι μας, προσωπικότητα: ΚΑΤΙΝΑ Κ. ΟΙΚΟΝΟΜΟΥ.

Εις όλα τα καλά είνε μία κυρία που συγκεντρώνει την χάρη της με την θέλησίν της. Ιδού πώς η κυρία όπου εκεί του είδους δίνει τον καλλίτερον τόνον.
